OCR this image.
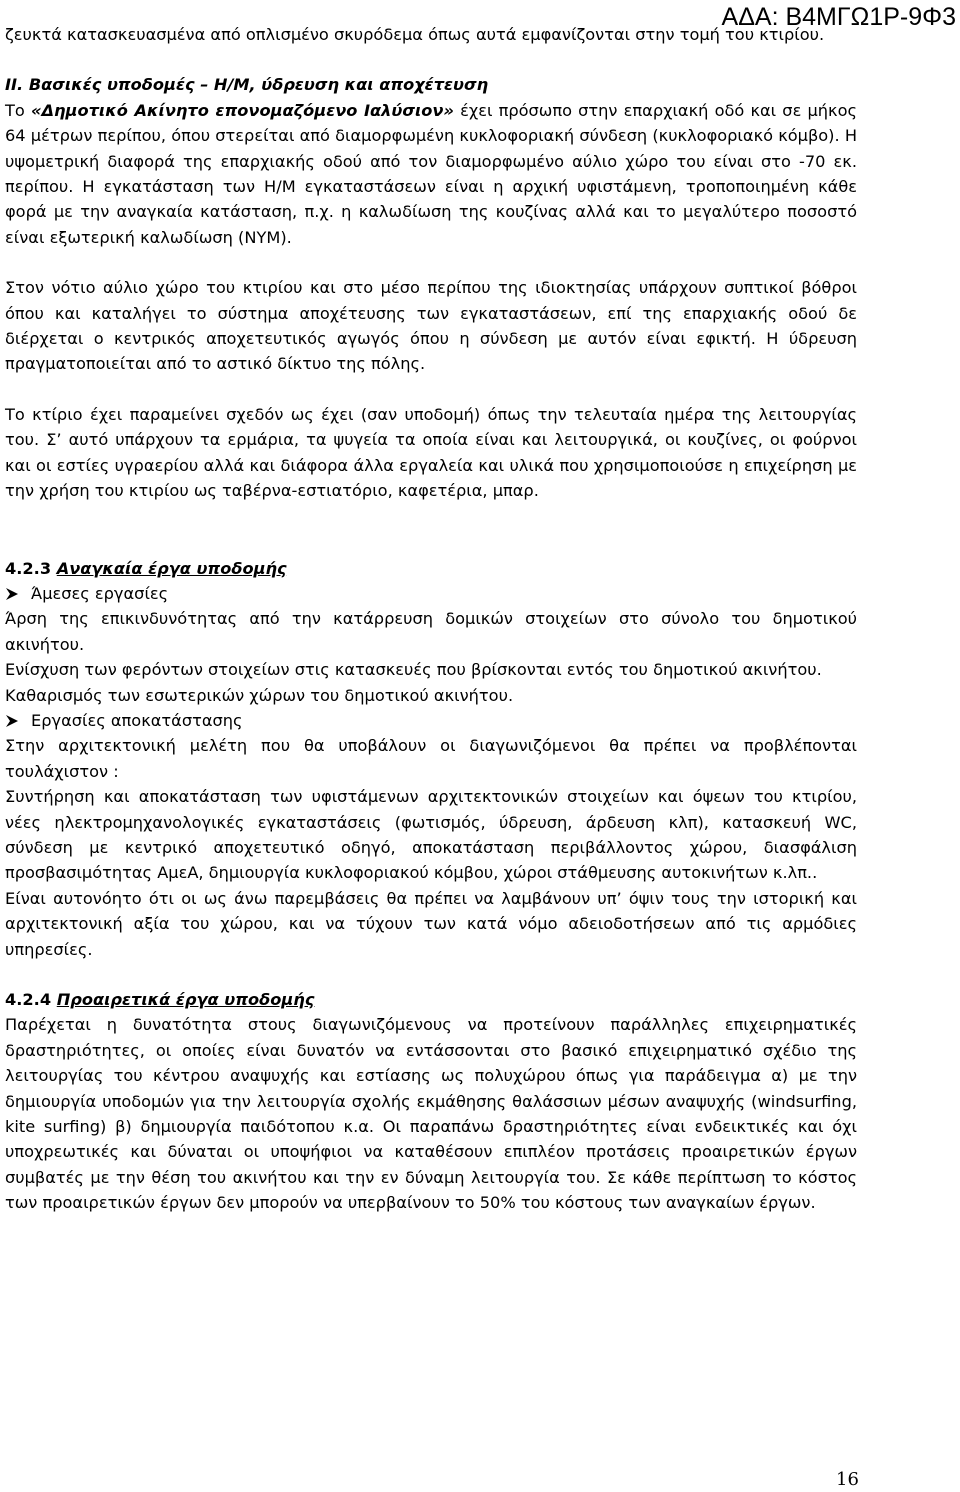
ΑΔΑ: Β4ΜΓΩ1Ρ-9Φ3

ζευκτά κατασκευασμένα από οπλισμένο σκυρόδεμα όπως αυτά εμφανίζονται στην τομή του κτιρίου.

ΙΙ. Βασικές υποδομές – Η/Μ, ύδρευση και αποχέτευση

Το «Δημοτικό Ακίνητο επονομαζόμενο Ιαλύσιον» έχει πρόσωπο στην επαρχιακή οδό και σε μήκος 64 μέτρων περίπου, όπου στερείται από διαμορφωμένη κυκλοφοριακή σύνδεση (κυκλοφοριακό κόμβο). Η υψομετρική διαφορά της επαρχιακής οδού από τον διαμορφωμένο αύλιο χώρο του είναι στο -70 εκ. περίπου. Η εγκατάσταση των Η/Μ εγκαταστάσεων είναι η αρχική υφιστάμενη, τροποποιημένη κάθε φορά με την αναγκαία κατάσταση, π.χ. η καλωδίωση της κουζίνας αλλά και το μεγαλύτερο ποσοστό είναι εξωτερική καλωδίωση (ΝΥΜ).

Στον νότιο αύλιο χώρο του κτιρίου και στο μέσο περίπου της ιδιοκτησίας υπάρχουν συπτικοί βόθροι όπου και καταλήγει το σύστημα αποχέτευσης των εγκαταστάσεων, επί της επαρχιακής οδού δε διέρχεται ο κεντρικός αποχετευτικός αγωγός όπου η σύνδεση με αυτόν είναι εφικτή. Η ύδρευση πραγματοποιείται από το αστικό δίκτυο της πόλης.

Το κτίριο έχει παραμείνει σχεδόν ως έχει (σαν υποδομή) όπως την τελευταία ημέρα της λειτουργίας του. Σ’ αυτό υπάρχουν τα ερμάρια, τα ψυγεία τα οποία είναι και λειτουργικά, οι κουζίνες, οι φούρνοι και οι εστίες υγραερίου αλλά και διάφορα άλλα εργαλεία και υλικά που χρησιμοποιούσε η επιχείρηση με την χρήση του κτιρίου ως ταβέρνα-εστιατόριο, καφετέρια, μπαρ.

4.2.3 Αναγκαία έργα υποδομής

Άμεσες εργασίες

Άρση της επικινδυνότητας από την κατάρρευση δομικών στοιχείων στο σύνολο του δημοτικού ακινήτου.

Ενίσχυση των φερόντων στοιχείων στις κατασκευές που βρίσκονται εντός του δημοτικού ακινήτου.

Καθαρισμός των εσωτερικών χώρων του δημοτικού ακινήτου.

Εργασίες αποκατάστασης

Στην αρχιτεκτονική μελέτη που θα υποβάλουν οι διαγωνιζόμενοι θα πρέπει να προβλέπονται τουλάχιστον :

Συντήρηση και αποκατάσταση των υφιστάμενων αρχιτεκτονικών στοιχείων και όψεων του κτιρίου, νέες ηλεκτρομηχανολογικές εγκαταστάσεις (φωτισμός, ύδρευση, άρδευση κλπ), κατασκευή WC, σύνδεση με κεντρικό αποχετευτικό οδηγό, αποκατάσταση περιβάλλοντος χώρου, διασφάλιση προσβασιμότητας ΑμεΑ, δημιουργία κυκλοφοριακού κόμβου, χώροι στάθμευσης αυτοκινήτων κ.λπ..

Είναι αυτονόητο ότι οι ως άνω παρεμβάσεις θα πρέπει να λαμβάνουν υπ’ όψιν τους την ιστορική και αρχιτεκτονική αξία του χώρου, και να τύχουν των κατά νόμο αδειοδοτήσεων από τις αρμόδιες υπηρεσίες.

4.2.4 Προαιρετικά έργα υποδομής

Παρέχεται η δυνατότητα στους διαγωνιζόμενους να προτείνουν παράλληλες επιχειρηματικές δραστηριότητες, οι οποίες είναι δυνατόν να εντάσσονται στο βασικό επιχειρηματικό σχέδιο της λειτουργίας του κέντρου αναψυχής και εστίασης ως πολυχώρου όπως για παράδειγμα α) με την δημιουργία υποδομών για την λειτουργία σχολής εκμάθησης θαλάσσιων μέσων αναψυχής (windsurfing, kite surfing) β) δημιουργία παιδότοπου κ.α. Οι παραπάνω δραστηριότητες είναι ενδεικτικές και όχι υποχρεωτικές και δύναται οι υποψήφιοι να καταθέσουν επιπλέον προτάσεις προαιρετικών έργων συμβατές με την θέση του ακινήτου και την εν δύναμη λειτουργία του. Σε κάθε περίπτωση το κόστος των προαιρετικών έργων δεν μπορούν να υπερβαίνουν το 50% του κόστους των αναγκαίων έργων.

16
